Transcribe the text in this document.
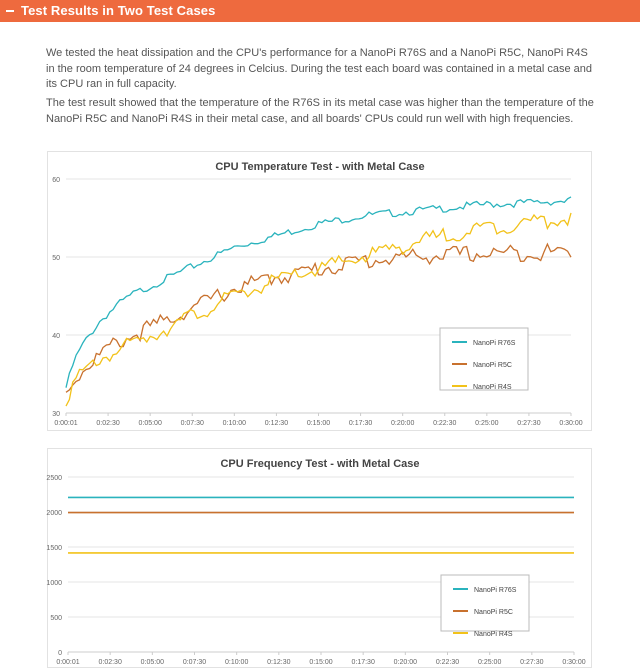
Test Results in Two Test Cases

We tested the heat dissipation and the CPU's performance for a NanoPi R76S and a NanoPi R5C, NanoPi R4S in the room temperature of 24 degrees in Celcius. During the test each board was contained in a metal case and its CPU ran in full capacity.

The test result showed that the temperature of the R76S in its metal case was higher than the temperature of the NanoPi R5C and NanoPi R4S in their metal case, and all boards' CPUs could run well with high frequencies.

CPU Temperature Test - with Metal Case
30
40
50
60
0:00:01	0:02:30	0:05:00	0:07:30	0:10:00	0:12:30	0:15:00	0:17:30	0:20:00	0:22:30	0:25:00	0:27:30	0:30:00
NanoPi R76S
NanoPi R5C
NanoPi R4S
CPU Frequency Test - with Metal Case
0
500
1000
1500
2000
2500
0:00:01	0:02:30	0:05:00	0:07:30	0:10:00	0:12:30	0:15:00	0:17:30	0:20:00	0:22:30	0:25:00	0:27:30	0:30:00
NanoPi R76S
NanoPi R5C
NanoPi R4S
